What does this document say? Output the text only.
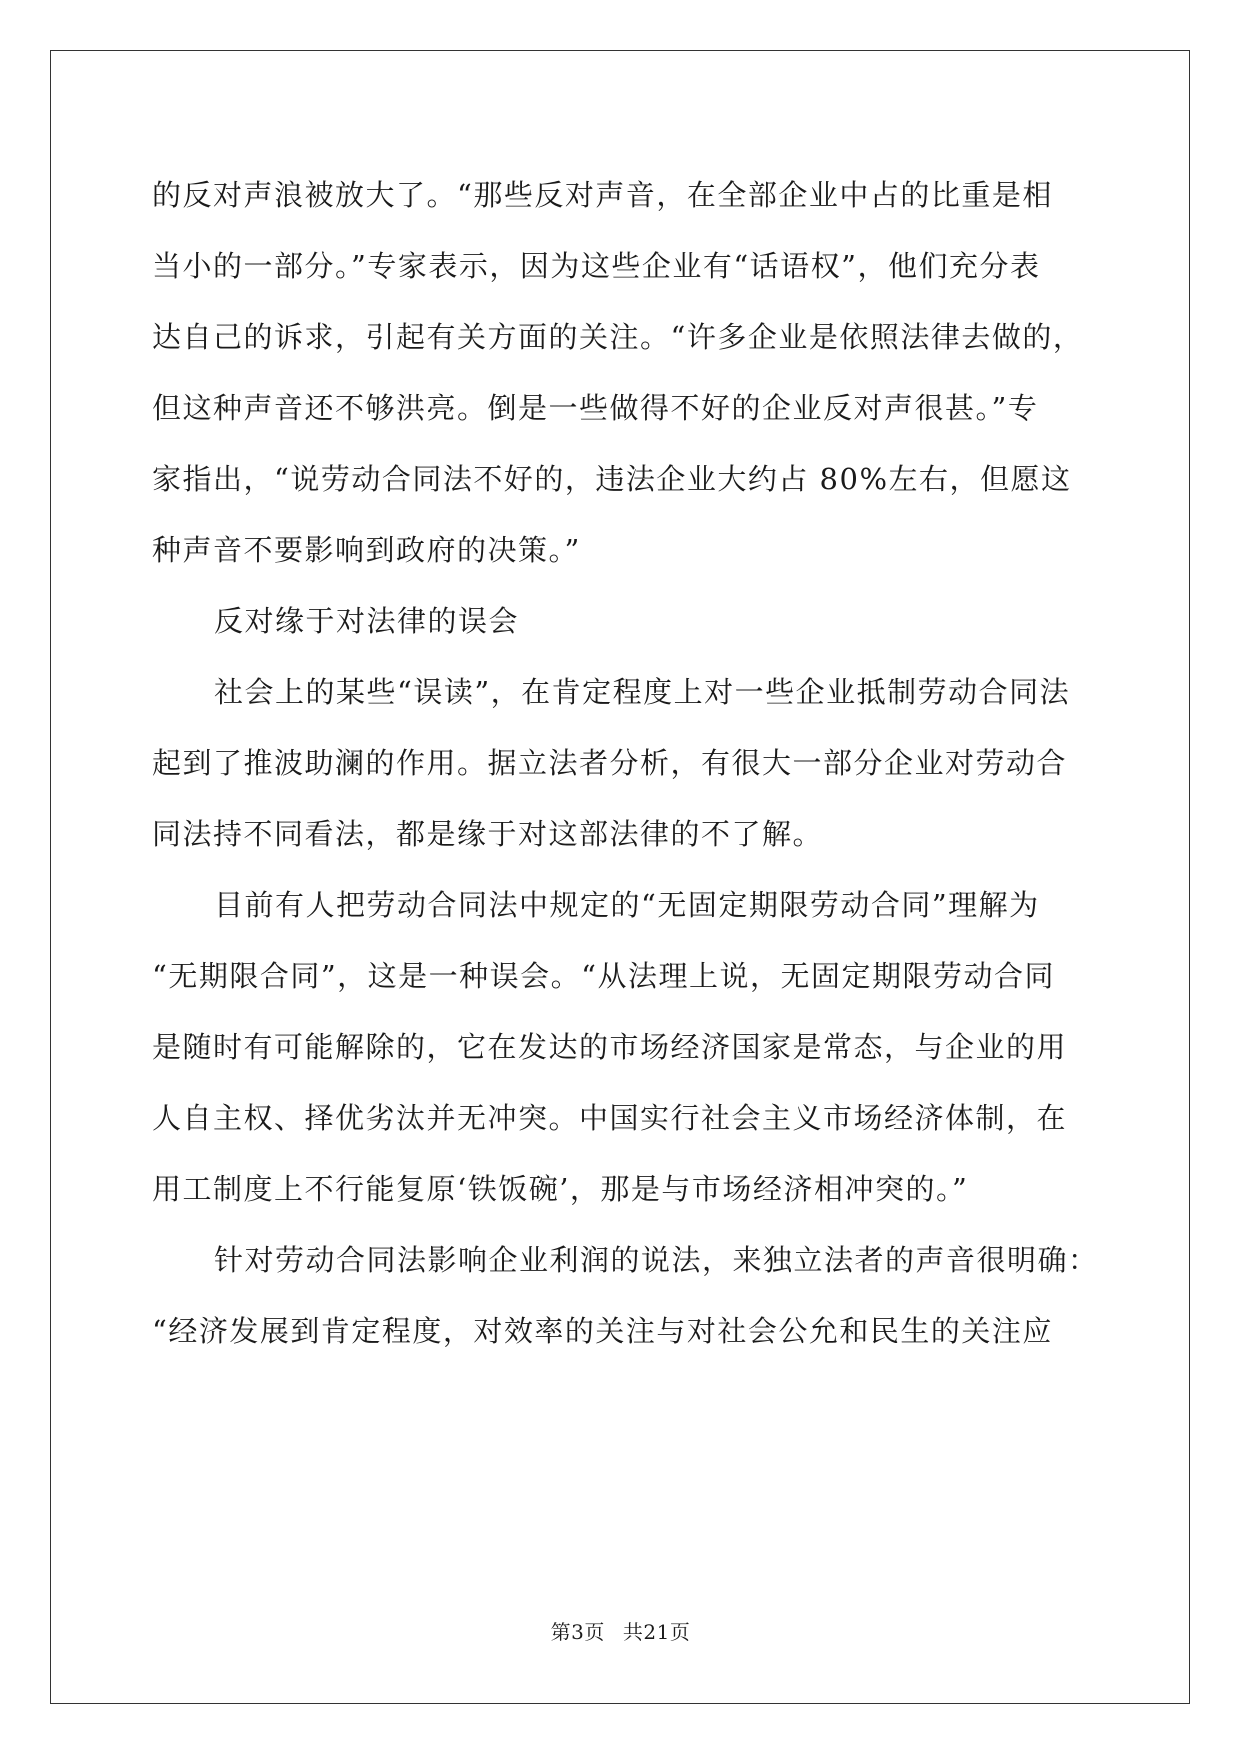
的反对声浪被放大了。“那些反对声音，在全部企业中占的比重是相
当小的一部分。”专家表示，因为这些企业有“话语权”，他们充分表
达自己的诉求，引起有关方面的关注。“许多企业是依照法律去做的，
但这种声音还不够洪亮。倒是一些做得不好的企业反对声很甚。”专
家指出，“说劳动合同法不好的，违法企业大约占 80%左右，但愿这
种声音不要影响到政府的决策。”
反对缘于对法律的误会
社会上的某些“误读”，在肯定程度上对一些企业抵制劳动合同法
起到了推波助澜的作用。据立法者分析，有很大一部分企业对劳动合
同法持不同看法，都是缘于对这部法律的不了解。
目前有人把劳动合同法中规定的“无固定期限劳动合同”理解为
“无期限合同”，这是一种误会。“从法理上说，无固定期限劳动合同
是随时有可能解除的，它在发达的市场经济国家是常态，与企业的用
人自主权、择优劣汰并无冲突。中国实行社会主义市场经济体制，在
用工制度上不行能复原‘铁饭碗’，那是与市场经济相冲突的。”
针对劳动合同法影响企业利润的说法，来独立法者的声音很明确：
“经济发展到肯定程度，对效率的关注与对社会公允和民生的关注应
第3页 共21页
